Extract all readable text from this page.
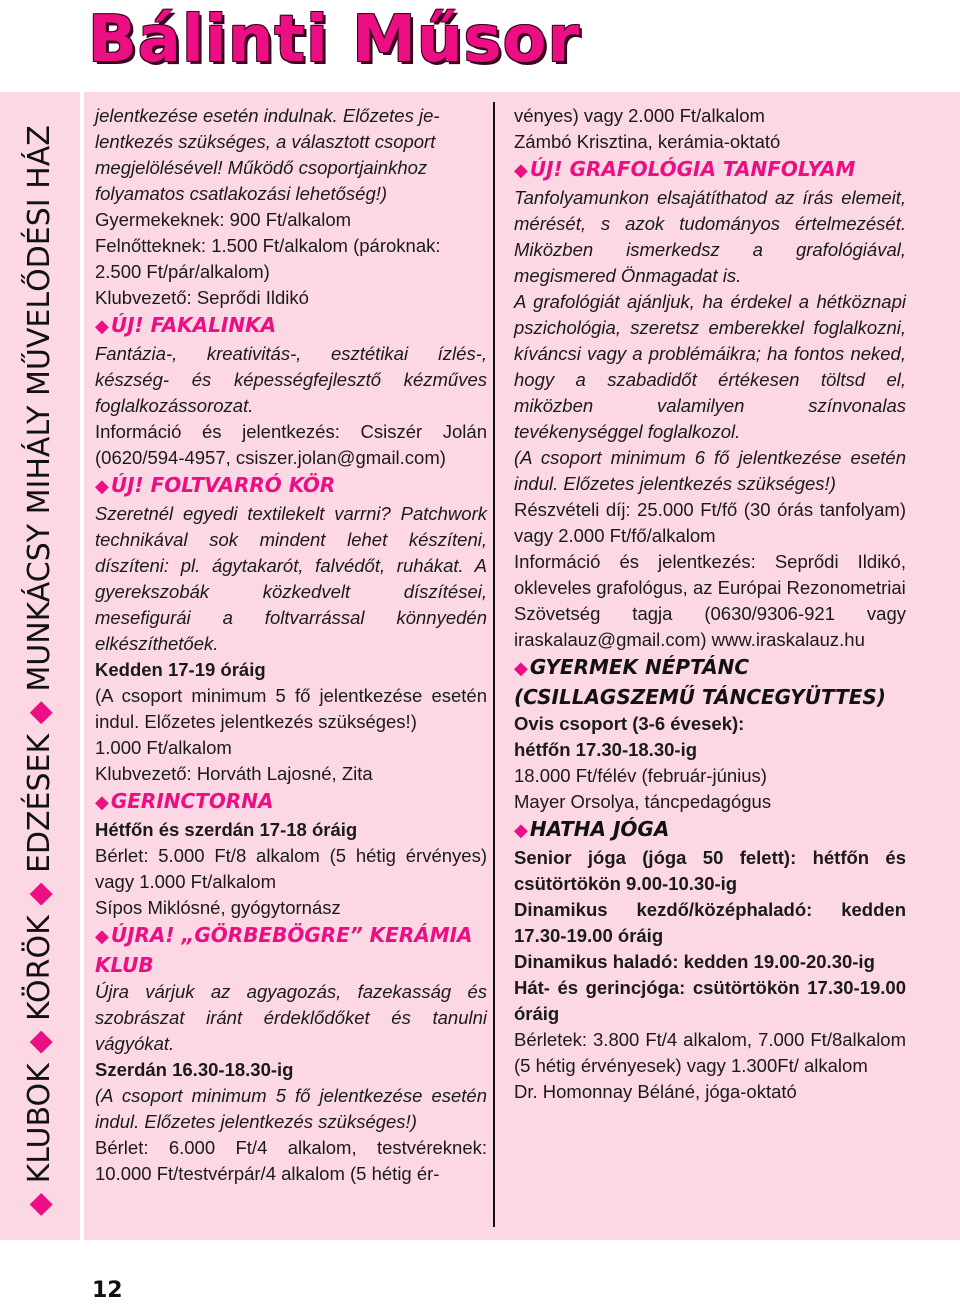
Bálinti Műsor
◆ KLUBOK ◆ KÖRÖK ◆ EDZÉSEK ◆ MUNKÁCSY MIHÁLY MŰVELŐDÉSI HÁZ
12

jelentkezése esetén indulnak. Előzetes je-

lentkezés szükséges, a választott csoport

megjelölésével! Működő csoportjainkhoz

folyamatos csatlakozási lehetőség!)

Gyermekeknek: 900 Ft/alkalom

Felnőtteknek: 1.500 Ft/alkalom (pároknak:

2.500 Ft/pár/alkalom)

Klubvezető: Seprődi Ildikó

◆ ÚJ! FAKALINKA

Fantázia-, kreativitás-, esztétikai ízlés-, készség- és képességfejlesztő kézműves foglalkozássorozat.

Információ és jelentkezés: Csiszér Jolán (0620/594-4957, csiszer.jolan@gmail.com)

◆ ÚJ! FOLTVARRÓ KÖR

Szeretnél egyedi textilekelt varrni? Patchwork technikával sok mindent lehet készíteni, díszíteni: pl. ágytakarót, falvédőt, ruhákat. A gyerekszobák közkedvelt díszítései, mesefigurái a foltvarrással könnyedén elkészíthetőek.

Kedden 17-19 óráig

(A csoport minimum 5 fő jelentkezése esetén indul. Előzetes jelentkezés szükséges!)

1.000 Ft/alkalom

Klubvezető: Horváth Lajosné, Zita

◆ GERINCTORNA

Hétfőn és szerdán 17-18 óráig

Bérlet: 5.000 Ft/8 alkalom (5 hétig érvényes) vagy 1.000 Ft/alkalom

Sípos Miklósné, gyógytornász

◆ ÚJRA! „GÖRBEBÖGRE” KERÁMIA KLUB

Újra várjuk az agyagozás, fazekasság és szobrászat iránt érdeklődőket és tanulni vágyókat.

Szerdán 16.30-18.30-ig

(A csoport minimum 5 fő jelentkezése esetén indul. Előzetes jelentkezés szükséges!)

Bérlet: 6.000 Ft/4 alkalom, testvéreknek: 10.000 Ft/testvérpár/4 alkalom (5 hétig ér-

vényes) vagy 2.000 Ft/alkalom

Zámbó Krisztina, kerámia-oktató

◆ ÚJ! GRAFOLÓGIA TANFOLYAM

Tanfolyamunkon elsajátíthatod az írás elemeit, mérését, s azok tudományos értelmezését. Miközben ismerkedsz a grafológiával, megismered Önmagadat is.

A grafológiát ajánljuk, ha érdekel a hétköznapi pszichológia, szeretsz emberekkel foglalkozni, kíváncsi vagy a problémáikra; ha fontos neked, hogy a szabadidőt értékesen töltsd el, miközben valamilyen színvonalas tevékenységgel foglalkozol.

(A csoport minimum 6 fő jelentkezése esetén indul. Előzetes jelentkezés szükséges!)

Részvételi díj: 25.000 Ft/fő (30 órás tanfolyam) vagy 2.000 Ft/fő/alkalom

Információ és jelentkezés: Seprődi Ildikó, okleveles grafológus, az Európai Rezonometriai

Szövetség tagja (0630/9306-921 vagy iraskalauz@gmail.com) www.iraskalauz.hu

◆ GYERMEK NÉPTÁNC

(CSILLAGSZEMŰ TÁNCEGYÜTTES)

Ovis csoport (3-6 évesek):

hétfőn 17.30-18.30-ig

18.000 Ft/félév (február-június)

Mayer Orsolya, táncpedagógus

◆ HATHA JÓGA

Senior jóga (jóga 50 felett): hétfőn és csütörtökön 9.00-10.30-ig

Dinamikus kezdő/középhaladó: kedden 17.30-19.00 óráig

Dinamikus haladó: kedden 19.00-20.30-ig

Hát- és gerincjóga: csütörtökön 17.30-19.00 óráig

Bérletek: 3.800 Ft/4 alkalom, 7.000 Ft/8alkalom (5 hétig érvényesek) vagy 1.300Ft/ alkalom

Dr. Homonnay Béláné, jóga-oktató
